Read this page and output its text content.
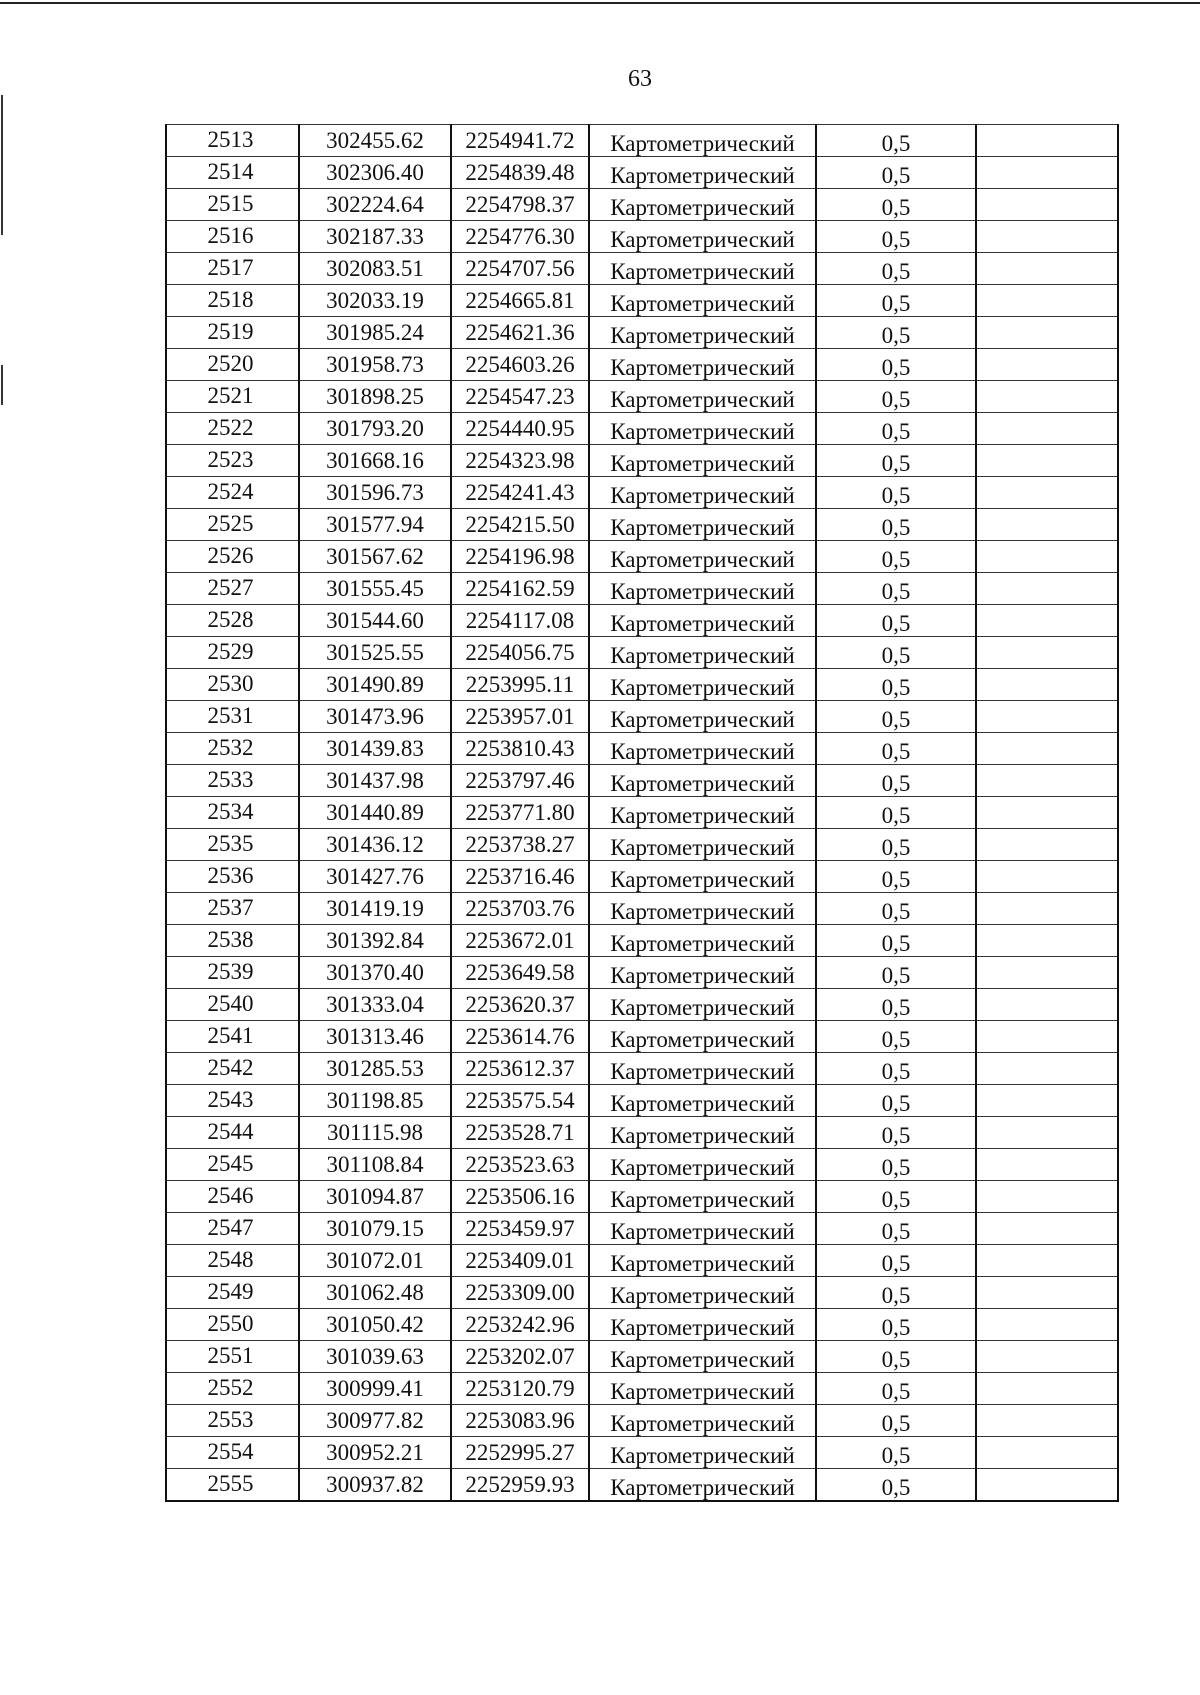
63
2513	302455.62	2254941.72	Картометрический	0,5	
2514	302306.40	2254839.48	Картометрический	0,5	
2515	302224.64	2254798.37	Картометрический	0,5	
2516	302187.33	2254776.30	Картометрический	0,5	
2517	302083.51	2254707.56	Картометрический	0,5	
2518	302033.19	2254665.81	Картометрический	0,5	
2519	301985.24	2254621.36	Картометрический	0,5	
2520	301958.73	2254603.26	Картометрический	0,5	
2521	301898.25	2254547.23	Картометрический	0,5	
2522	301793.20	2254440.95	Картометрический	0,5	
2523	301668.16	2254323.98	Картометрический	0,5	
2524	301596.73	2254241.43	Картометрический	0,5	
2525	301577.94	2254215.50	Картометрический	0,5	
2526	301567.62	2254196.98	Картометрический	0,5	
2527	301555.45	2254162.59	Картометрический	0,5	
2528	301544.60	2254117.08	Картометрический	0,5	
2529	301525.55	2254056.75	Картометрический	0,5	
2530	301490.89	2253995.11	Картометрический	0,5	
2531	301473.96	2253957.01	Картометрический	0,5	
2532	301439.83	2253810.43	Картометрический	0,5	
2533	301437.98	2253797.46	Картометрический	0,5	
2534	301440.89	2253771.80	Картометрический	0,5	
2535	301436.12	2253738.27	Картометрический	0,5	
2536	301427.76	2253716.46	Картометрический	0,5	
2537	301419.19	2253703.76	Картометрический	0,5	
2538	301392.84	2253672.01	Картометрический	0,5	
2539	301370.40	2253649.58	Картометрический	0,5	
2540	301333.04	2253620.37	Картометрический	0,5	
2541	301313.46	2253614.76	Картометрический	0,5	
2542	301285.53	2253612.37	Картометрический	0,5	
2543	301198.85	2253575.54	Картометрический	0,5	
2544	301115.98	2253528.71	Картометрический	0,5	
2545	301108.84	2253523.63	Картометрический	0,5	
2546	301094.87	2253506.16	Картометрический	0,5	
2547	301079.15	2253459.97	Картометрический	0,5	
2548	301072.01	2253409.01	Картометрический	0,5	
2549	301062.48	2253309.00	Картометрический	0,5	
2550	301050.42	2253242.96	Картометрический	0,5	
2551	301039.63	2253202.07	Картометрический	0,5	
2552	300999.41	2253120.79	Картометрический	0,5	
2553	300977.82	2253083.96	Картометрический	0,5	
2554	300952.21	2252995.27	Картометрический	0,5	
2555	300937.82	2252959.93	Картометрический	0,5	
